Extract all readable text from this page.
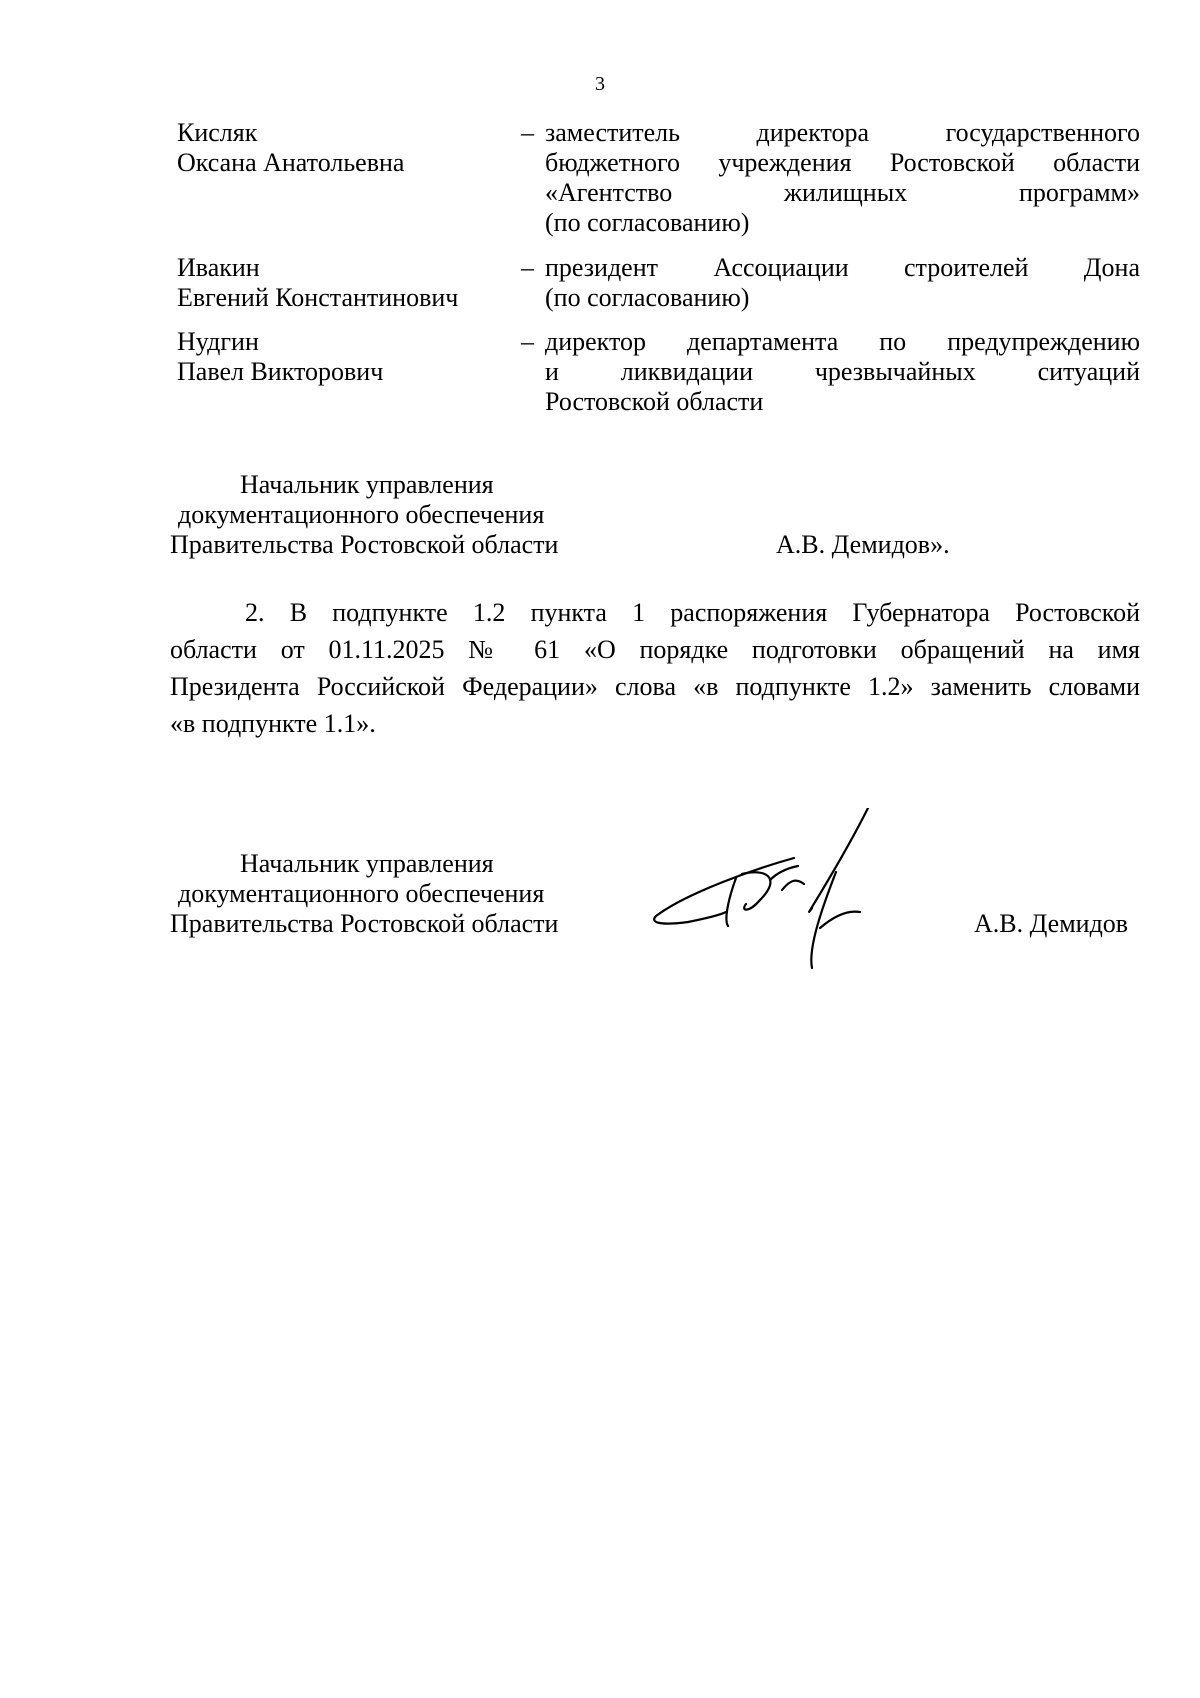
3
Кисляк
Оксана Анатольевна
– заместитель директора государственного
бюджетного учреждения Ростовской области
«Агентство жилищных программ»
(по согласованию)
Ивакин
Евгений Константинович
– президент Ассоциации строителей Дона
(по согласованию)
Нудгин
Павел Викторович
– директор департамента по предупреждению
и ликвидации чрезвычайных ситуаций
Ростовской области
Начальник управления
документационного обеспечения
Правительства Ростовской области	А.В. Демидов».
2. В подпункте 1.2 пункта 1 распоряжения Губернатора Ростовской
области от 01.11.2025 № 61 «О порядке подготовки обращений на имя
Президента Российской Федерации» слова «в подпункте 1.2» заменить словами
«в подпункте 1.1».
Начальник управления
документационного обеспечения
Правительства Ростовской области	А.В. Демидов
